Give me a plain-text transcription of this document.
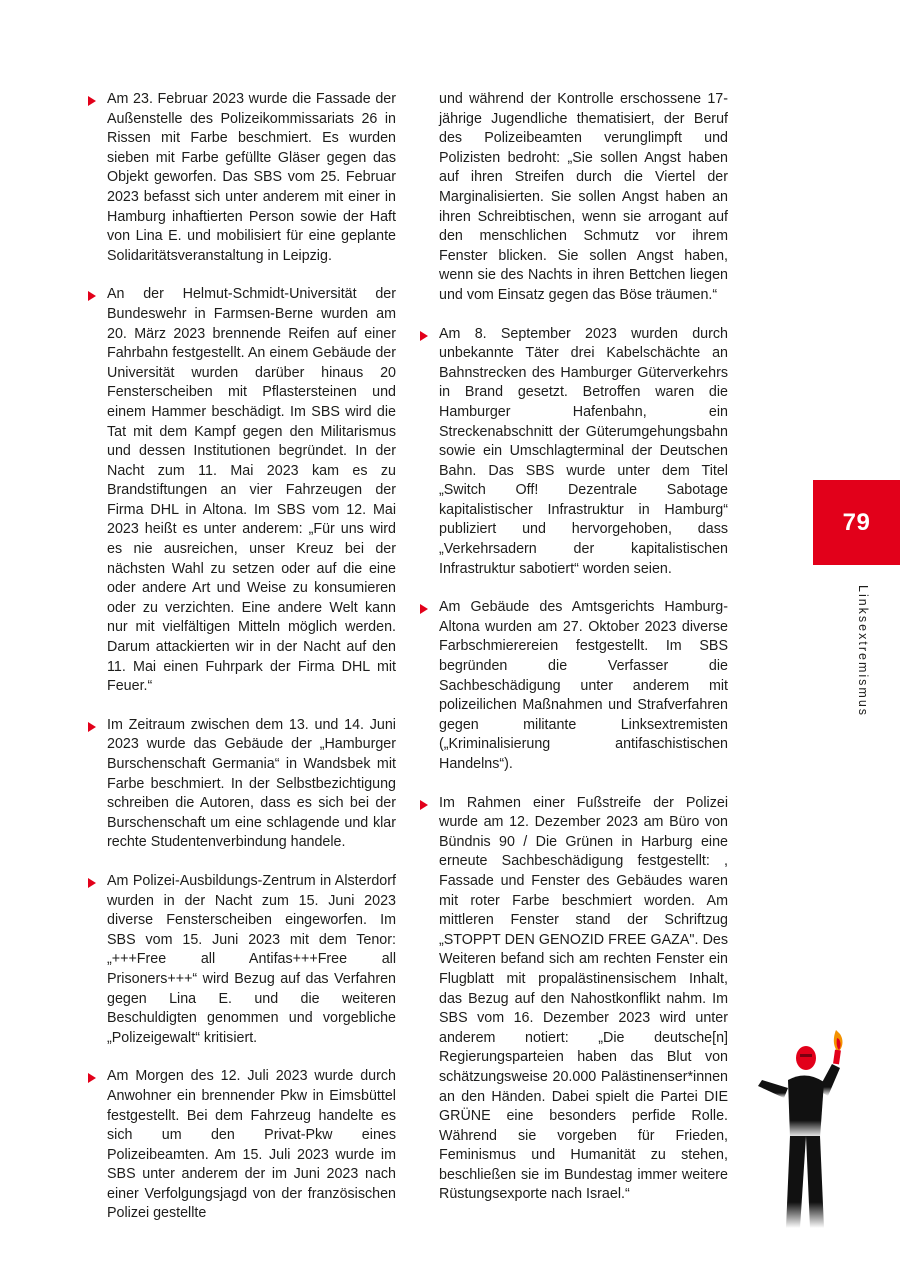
Am 23. Februar 2023 wurde die Fassade der Außenstelle des Polizeikommissariats 26 in Rissen mit Farbe beschmiert. Es wurden sieben mit Farbe gefüllte Gläser gegen das Objekt geworfen. Das SBS vom 25. Februar 2023 befasst sich unter anderem mit einer in Hamburg inhaftierten Person sowie der Haft von Lina E. und mobilisiert für eine geplante Solidaritätsveranstaltung in Leipzig.

An der Helmut-Schmidt-Universität der Bundeswehr in Farmsen-Berne wurden am 20. März 2023 brennende Reifen auf einer Fahrbahn festgestellt. An einem Gebäude der Universität wurden darüber hinaus 20 Fensterscheiben mit Pflastersteinen und einem Hammer beschädigt. Im SBS wird die Tat mit dem Kampf gegen den Militarismus und dessen Institutionen begründet. In der Nacht zum 11. Mai 2023 kam es zu Brandstiftungen an vier Fahrzeugen der Firma DHL in Altona. Im SBS vom 12. Mai 2023 heißt es unter anderem: „Für uns wird es nie ausreichen, unser Kreuz bei der nächsten Wahl zu setzen oder auf die eine oder andere Art und Weise zu konsumieren oder zu verzichten. Eine andere Welt kann nur mit vielfältigen Mitteln möglich werden. Darum attackierten wir in der Nacht auf den 11. Mai einen Fuhrpark der Firma DHL mit Feuer.“

Im Zeitraum zwischen dem 13. und 14. Juni 2023 wurde das Gebäude der „Hamburger Burschenschaft Germania“ in Wandsbek mit Farbe beschmiert. In der Selbstbezichtigung schreiben die Autoren, dass es sich bei der Burschenschaft um eine schlagende und klar rechte Studentenverbindung handele.

Am Polizei-Ausbildungs-Zentrum in Alsterdorf wurden in der Nacht zum 15. Juni 2023 diverse Fensterscheiben eingeworfen. Im SBS vom 15. Juni 2023 mit dem Tenor: „+++Free all Antifas+++Free all Prisoners+++“ wird Bezug auf das Verfahren gegen Lina E. und die weiteren Beschuldigten genommen und vorgebliche „Polizeigewalt“ kritisiert.

Am Morgen des 12. Juli 2023 wurde durch Anwohner ein brennender Pkw in Eimsbüttel festgestellt. Bei dem Fahrzeug handelte es sich um den Privat-Pkw eines Polizeibeamten. Am 15. Juli 2023 wurde im SBS unter anderem der im Juni 2023 nach einer Verfolgungsjagd von der französischen Polizei gestellte

und während der Kontrolle erschossene 17-jährige Jugendliche thematisiert, der Beruf des Polizeibeamten verunglimpft und Polizisten bedroht: „Sie sollen Angst haben auf ihren Streifen durch die Viertel der Marginalisierten. Sie sollen Angst haben an ihren Schreibtischen, wenn sie arrogant auf den menschlichen Schmutz vor ihrem Fenster blicken. Sie sollen Angst haben, wenn sie des Nachts in ihren Bettchen liegen und vom Einsatz gegen das Böse träumen.“

Am 8. September 2023 wurden durch unbekannte Täter drei Kabelschächte an Bahnstrecken des Hamburger Güterverkehrs in Brand gesetzt. Betroffen waren die Hamburger Hafenbahn, ein Streckenabschnitt der Güterumgehungsbahn sowie ein Umschlagterminal der Deutschen Bahn. Das SBS wurde unter dem Titel „Switch Off! Dezentrale Sabotage kapitalistischer Infrastruktur in Hamburg“ publiziert und hervorgehoben, dass „Verkehrsadern der kapitalistischen Infrastruktur sabotiert“ worden seien.

Am Gebäude des Amtsgerichts Hamburg-Altona wurden am 27. Oktober 2023 diverse Farbschmierereien festgestellt. Im SBS begründen die Verfasser die Sachbeschädigung unter anderem mit polizeilichen Maßnahmen und Strafverfahren gegen militante Linksextremisten („Kriminalisierung antifaschistischen Handelns“).

Im Rahmen einer Fußstreife der Polizei wurde am 12. Dezember 2023 am Büro von Bündnis 90 / Die Grünen in Harburg eine erneute Sachbeschädigung festgestellt: , Fassade und Fenster des Gebäudes waren mit roter Farbe beschmiert worden. Am mittleren Fenster stand der Schriftzug „STOPPT DEN GENOZID FREE GAZA". Des Weiteren befand sich am rechten Fenster ein Flugblatt mit propalästinensischem Inhalt, das Bezug auf den Nahostkonflikt nahm. Im SBS vom 16. Dezember 2023 wird unter anderem notiert: „Die deutsche[n] Regierungsparteien haben das Blut von schätzungsweise 20.000 Palästinenser*innen an den Händen. Dabei spielt die Partei DIE GRÜNE eine besonders perfide Rolle. Während sie vorgeben für Frieden, Feminismus und Humanität zu stehen, beschließen sie im Bundestag immer weitere Rüstungsexporte nach Israel.“

79
Linksextremismus
